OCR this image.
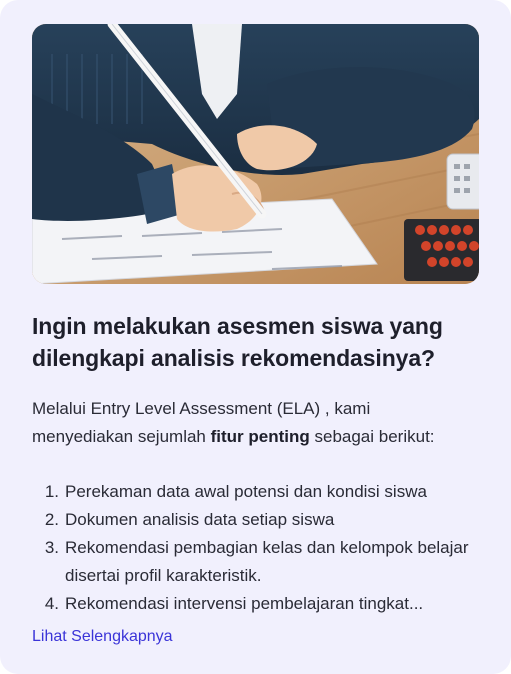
Ingin melakukan asesmen siswa yang dilengkapi analisis rekomendasinya?

Melalui Entry Level Assessment (ELA) , kami menyediakan sejumlah fitur penting sebagai berikut:

1. Perekaman data awal potensi dan kondisi siswa
2. Dokumen analisis data setiap siswa
3. Rekomendasi pembagian kelas dan kelompok belajar disertai profil karakteristik.
4. Rekomendasi intervensi pembelajaran tingkat...
Lihat Selengkapnya
